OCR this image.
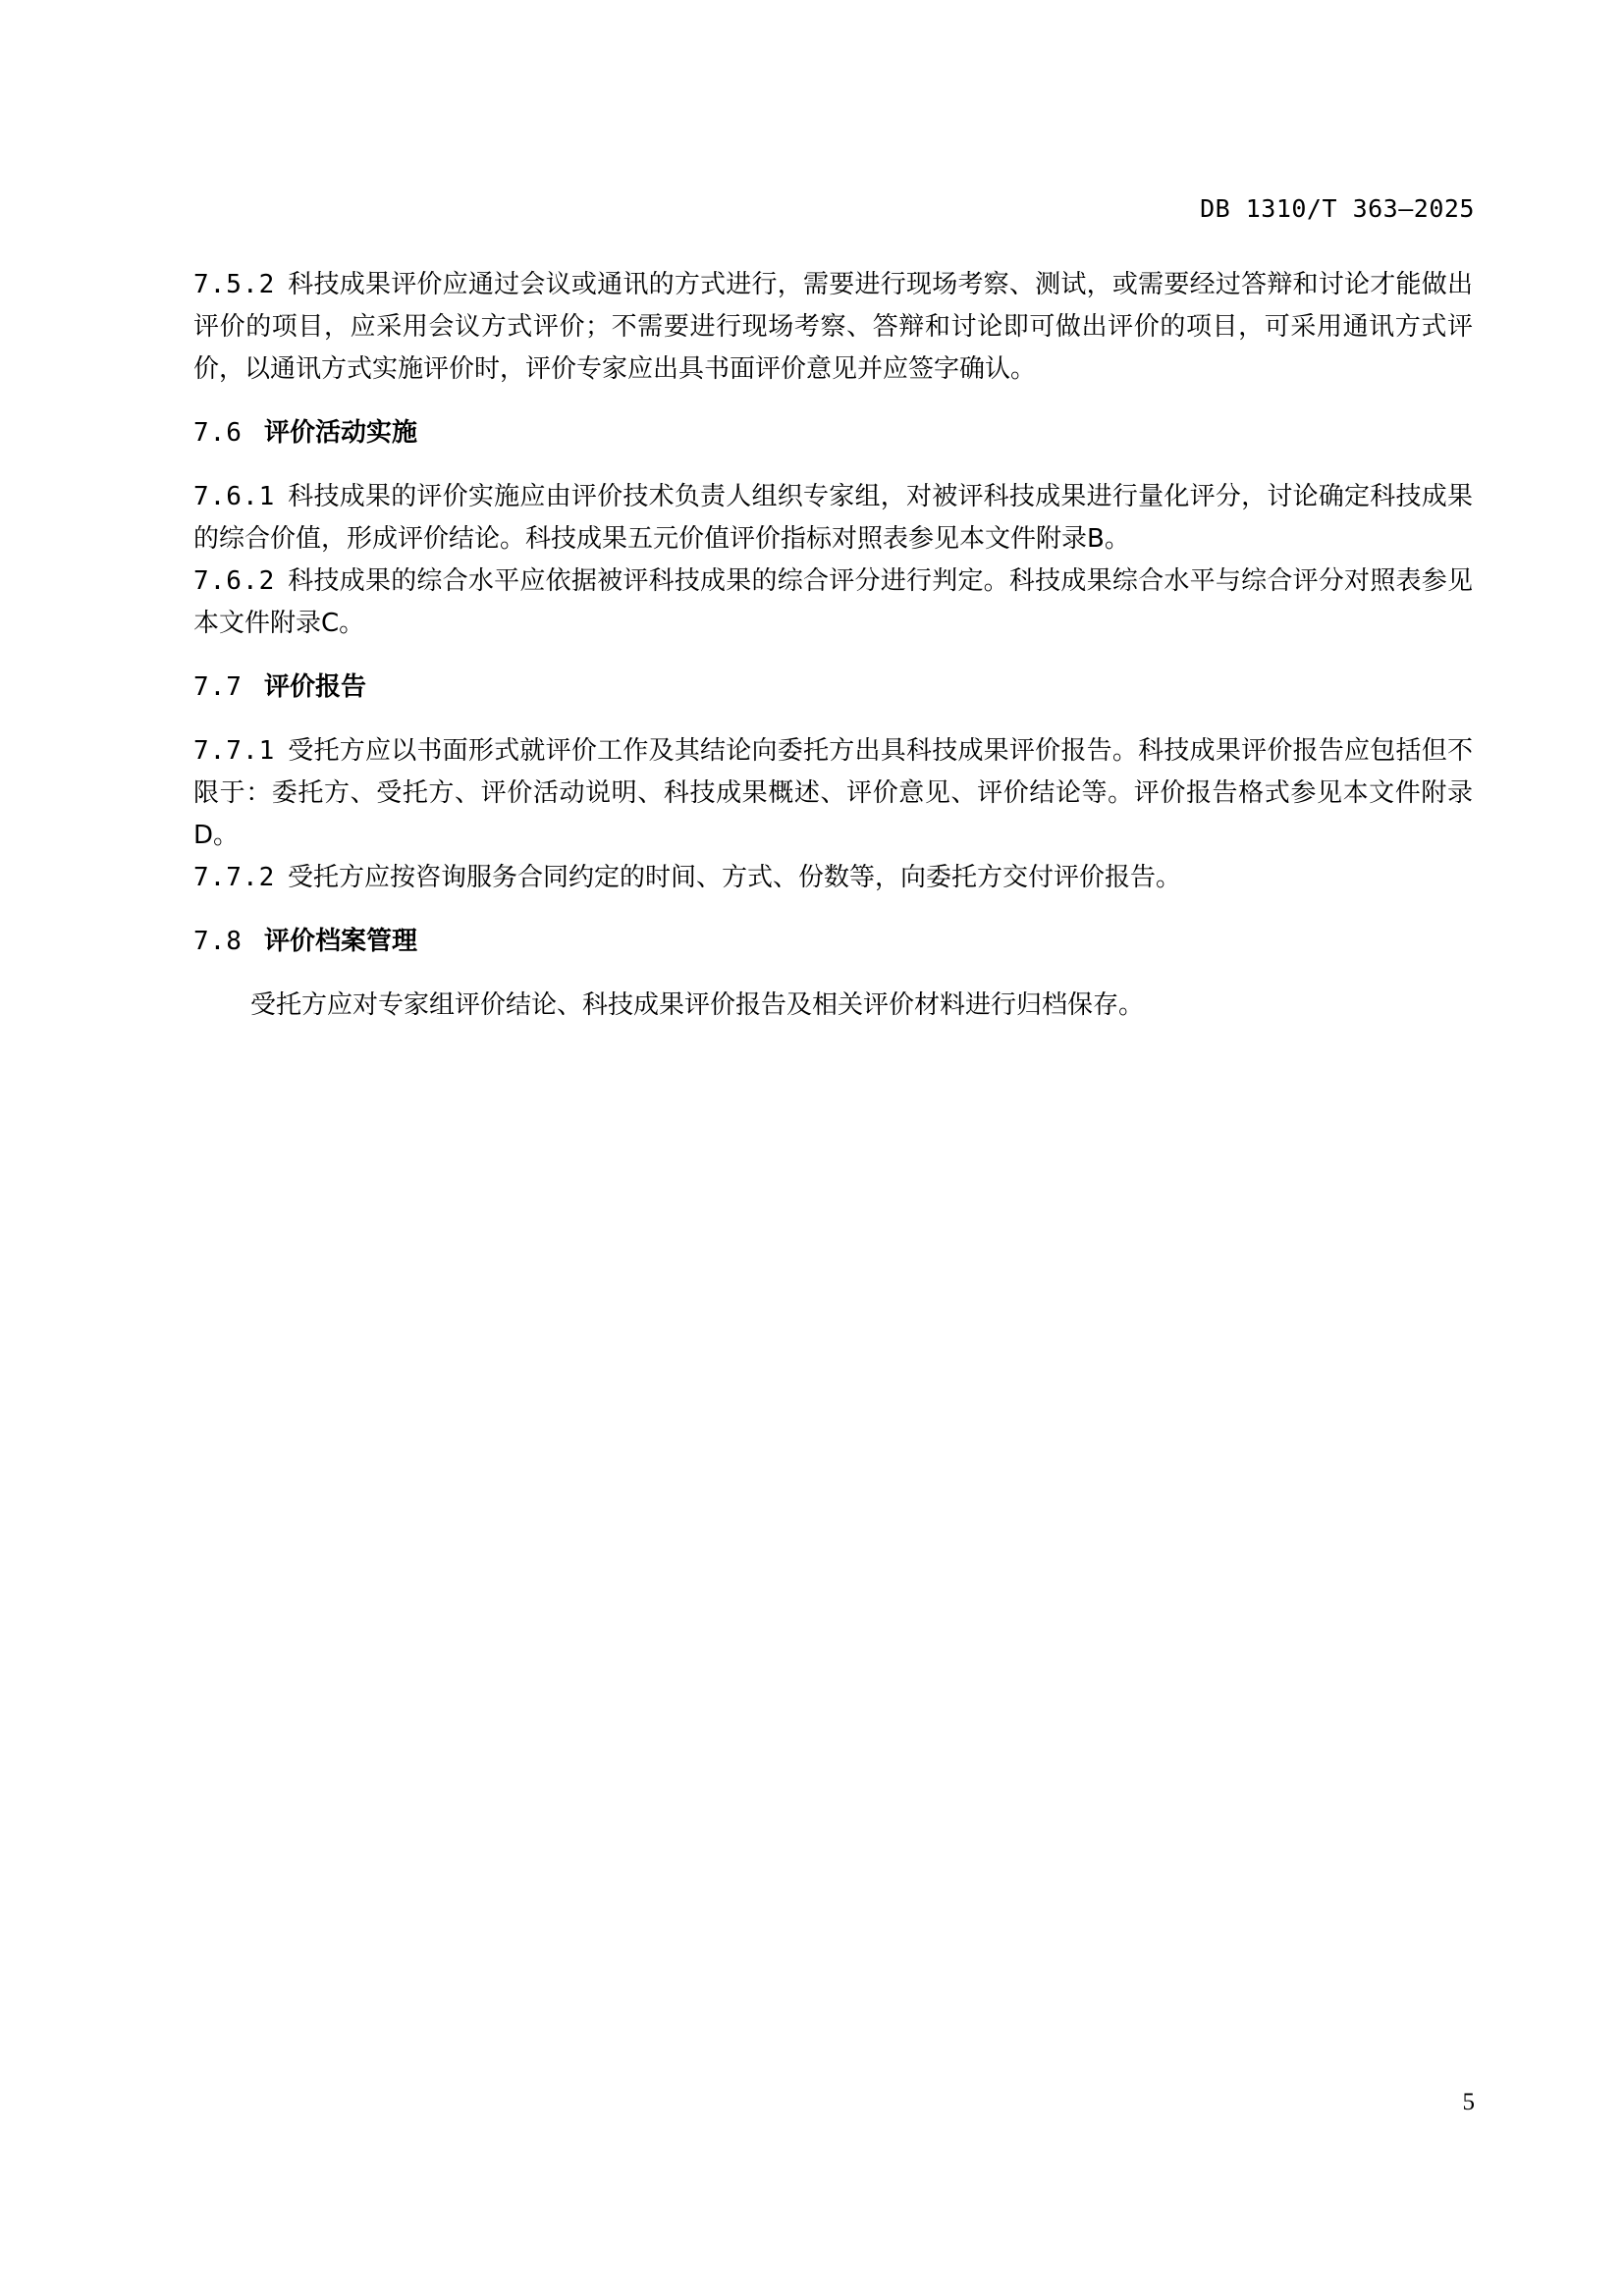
DB 1310/T 363—2025

7.5.2 科技成果评价应通过会议或通讯的方式进行，需要进行现场考察、测试，或需要经过答辩和讨论才能做出评价的项目，应采用会议方式评价；不需要进行现场考察、答辩和讨论即可做出评价的项目，可采用通讯方式评价，以通讯方式实施评价时，评价专家应出具书面评价意见并应签字确认。

7.6 评价活动实施

7.6.1 科技成果的评价实施应由评价技术负责人组织专家组，对被评科技成果进行量化评分，讨论确定科技成果的综合价值，形成评价结论。科技成果五元价值评价指标对照表参见本文件附录B。

7.6.2 科技成果的综合水平应依据被评科技成果的综合评分进行判定。科技成果综合水平与综合评分对照表参见本文件附录C。

7.7 评价报告

7.7.1 受托方应以书面形式就评价工作及其结论向委托方出具科技成果评价报告。科技成果评价报告应包括但不限于：委托方、受托方、评价活动说明、科技成果概述、评价意见、评价结论等。评价报告格式参见本文件附录D。

7.7.2 受托方应按咨询服务合同约定的时间、方式、份数等，向委托方交付评价报告。

7.8 评价档案管理

受托方应对专家组评价结论、科技成果评价报告及相关评价材料进行归档保存。

5
